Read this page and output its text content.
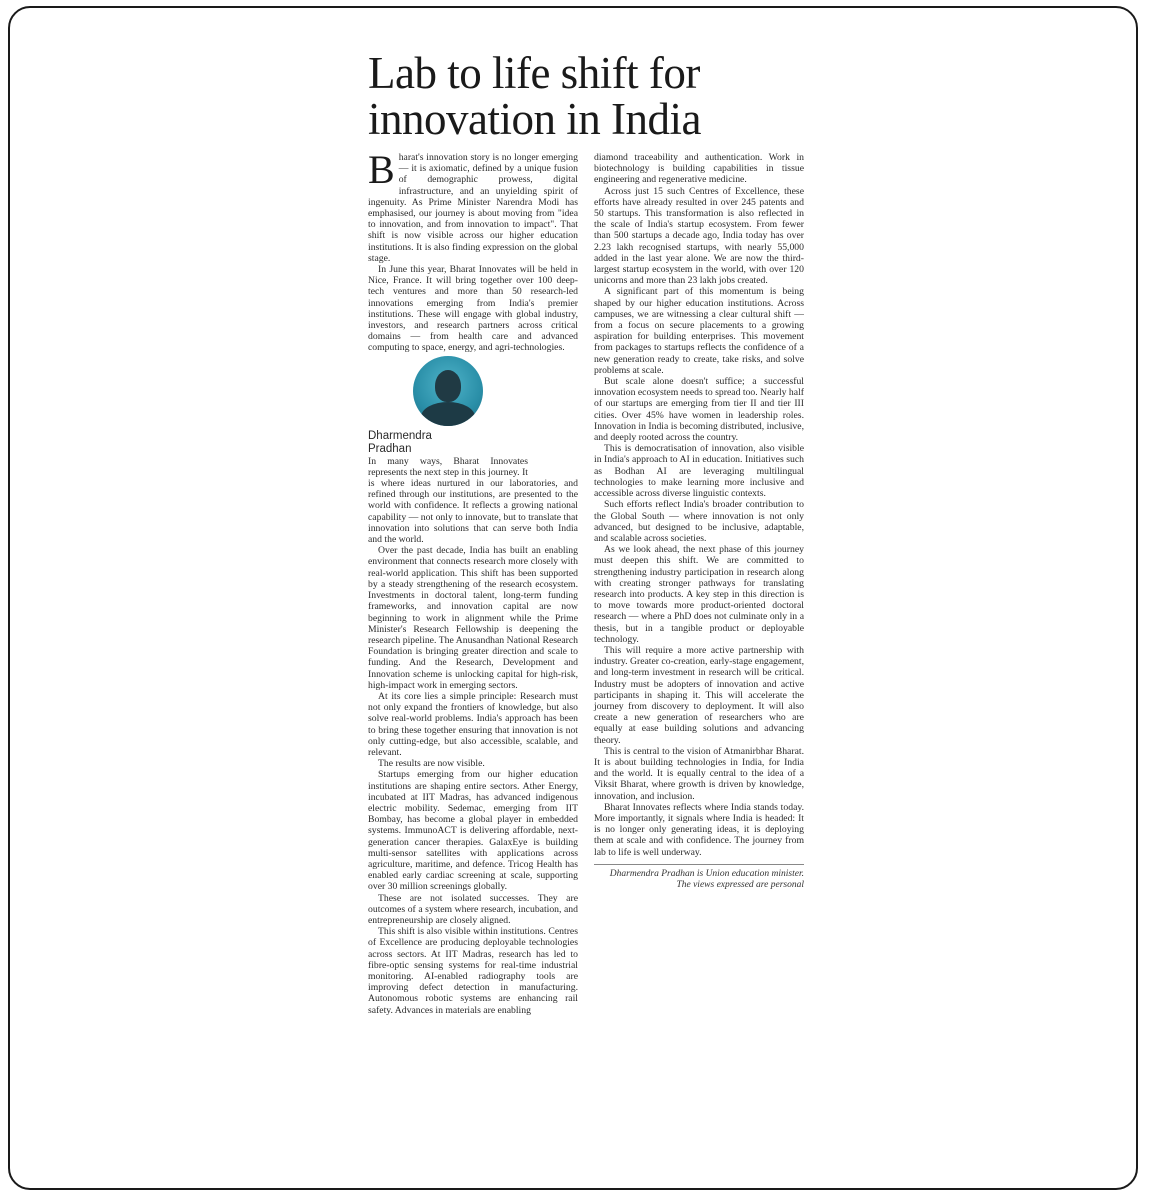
Lab to life shift for innovation in India

Bharat's innovation story is no longer emerging — it is axiomatic, defined by a unique fusion of demographic prowess, digital infrastructure, and an unyielding spirit of ingenuity. As Prime Minister Narendra Modi has emphasised, our journey is about moving from "idea to innovation, and from innovation to impact". That shift is now visible across our higher education institutions. It is also finding expression on the global stage.

In June this year, Bharat Innovates will be held in Nice, France. It will bring together over 100 deep-tech ventures and more than 50 research-led innovations emerging from India's premier institutions. These will engage with global industry, investors, and research partners across critical domains — from health care and advanced computing to space, energy, and agri-technologies.

Dharmendra
Pradhan
In many ways, Bharat Innovates represents the next step in this journey. It is where ideas nurtured in our laboratories, and refined through our institutions, are presented to the world with confidence. It reflects a growing national capability — not only to innovate, but to translate that innovation into solutions that can serve both India and the world.

Over the past decade, India has built an enabling environment that connects research more closely with real-world application. This shift has been supported by a steady strengthening of the research ecosystem. Investments in doctoral talent, long-term funding frameworks, and innovation capital are now beginning to work in alignment while the Prime Minister's Research Fellowship is deepening the research pipeline. The Anusandhan National Research Foundation is bringing greater direction and scale to funding. And the Research, Development and Innovation scheme is unlocking capital for high-risk, high-impact work in emerging sectors.

At its core lies a simple principle: Research must not only expand the frontiers of knowledge, but also solve real-world problems. India's approach has been to bring these together ensuring that innovation is not only cutting-edge, but also accessible, scalable, and relevant.

The results are now visible.

Startups emerging from our higher education institutions are shaping entire sectors. Ather Energy, incubated at IIT Madras, has advanced indigenous electric mobility. Sedemac, emerging from IIT Bombay, has become a global player in embedded systems. ImmunoACT is delivering affordable, next-generation cancer therapies. GalaxEye is building multi-sensor satellites with applications across agriculture, maritime, and defence. Tricog Health has enabled early cardiac screening at scale, supporting over 30 million screenings globally.

These are not isolated successes. They are outcomes of a system where research, incubation, and entrepreneurship are closely aligned.

This shift is also visible within institutions. Centres of Excellence are producing deployable technologies across sectors. At IIT Madras, research has led to fibre-optic sensing systems for real-time industrial monitoring. AI-enabled radiography tools are improving defect detection in manufacturing. Autonomous robotic systems are enhancing rail safety. Advances in materials are enabling

diamond traceability and authentication. Work in biotechnology is building capabilities in tissue engineering and regenerative medicine.

Across just 15 such Centres of Excellence, these efforts have already resulted in over 245 patents and 50 startups. This transformation is also reflected in the scale of India's startup ecosystem. From fewer than 500 startups a decade ago, India today has over 2.23 lakh recognised startups, with nearly 55,000 added in the last year alone. We are now the third-largest startup ecosystem in the world, with over 120 unicorns and more than 23 lakh jobs created.

A significant part of this momentum is being shaped by our higher education institutions. Across campuses, we are witnessing a clear cultural shift — from a focus on secure placements to a growing aspiration for building enterprises. This movement from packages to startups reflects the confidence of a new generation ready to create, take risks, and solve problems at scale.

But scale alone doesn't suffice; a successful innovation ecosystem needs to spread too. Nearly half of our startups are emerging from tier II and tier III cities. Over 45% have women in leadership roles. Innovation in India is becoming distributed, inclusive, and deeply rooted across the country.

This is democratisation of innovation, also visible in India's approach to AI in education. Initiatives such as Bodhan AI are leveraging multilingual technologies to make learning more inclusive and accessible across diverse linguistic contexts.

Such efforts reflect India's broader contribution to the Global South — where innovation is not only advanced, but designed to be inclusive, adaptable, and scalable across societies.

As we look ahead, the next phase of this journey must deepen this shift. We are committed to strengthening industry participation in research along with creating stronger pathways for translating research into products. A key step in this direction is to move towards more product-oriented doctoral research — where a PhD does not culminate only in a thesis, but in a tangible product or deployable technology.

This will require a more active partnership with industry. Greater co-creation, early-stage engagement, and long-term investment in research will be critical. Industry must be adopters of innovation and active participants in shaping it. This will accelerate the journey from discovery to deployment. It will also create a new generation of researchers who are equally at ease building solutions and advancing theory.

This is central to the vision of Atmanirbhar Bharat. It is about building technologies in India, for India and the world. It is equally central to the idea of a Viksit Bharat, where growth is driven by knowledge, innovation, and inclusion.

Bharat Innovates reflects where India stands today. More importantly, it signals where India is headed: It is no longer only generating ideas, it is deploying them at scale and with confidence. The journey from lab to life is well underway.

Dharmendra Pradhan is Union education minister. The views expressed are personal
